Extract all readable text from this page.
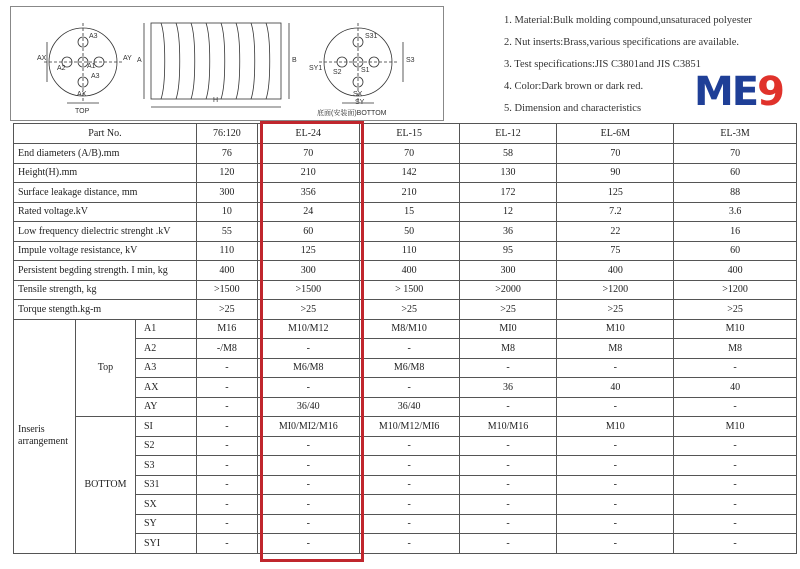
A3
A2	A1
A3
AX	AY
AX
TOP
A	B
H
S31
SY1
S2	S1
S3
SX
SY
底面(安装面)BOTTOM
1. Material:Bulk molding compound,unsaturaced polyester
2. Nut inserts:Brass,various specifications are available.
3. Test specifications:JIS C3801and JIS C3851
4. Color:Dark brown or dark red.
5. Dimension and characteristics	ME9
Part No.			76:120	EL-24	EL-15	EL-12	EL-6M	EL-3M
End diameters (A/B).mm			76	70	70	58	70	70
Height(H).mm			120	210	142	130	90	60
Surface leakage distance, mm			300	356	210	172	125	88
Rated voltage.kV			10	24	15	12	7.2	3.6
Low frequency dielectric strenght .kV			55	60	50	36	22	16
Impule voltage resistance, kV			110	125	110	95	75	60
Persistent begding strength. I min, kg			400	300	400	300	400	400
Tensile strength, kg			>1500	>1500	> 1500	>2000	>1200	>1200
Torque stength.kg-m			>25	>25	>25	>25	>25	>25
Inseris
arrangement	Top	A1	M16	M10/M12	M8/M10	MI0	M10	M10
		A2	-/M8	-	-	M8	M8	M8
		A3	-	M6/M8	M6/M8	-	-	-
		AX	-	-	-	36	40	40
		AY	-	36/40	36/40	-	-	-
	BOTTOM	SI	-	MI0/MI2/M16	M10/M12/MI6	M10/M16	M10	M10
		S2	-	-	-	-	-	-
		S3	-	-	-	-	-	-
		S31	-	-	-	-	-	-
		SX	-	-	-	-	-	-
		SY	-	-	-	-	-	-
		SYI	-	-	-	-	-	-
